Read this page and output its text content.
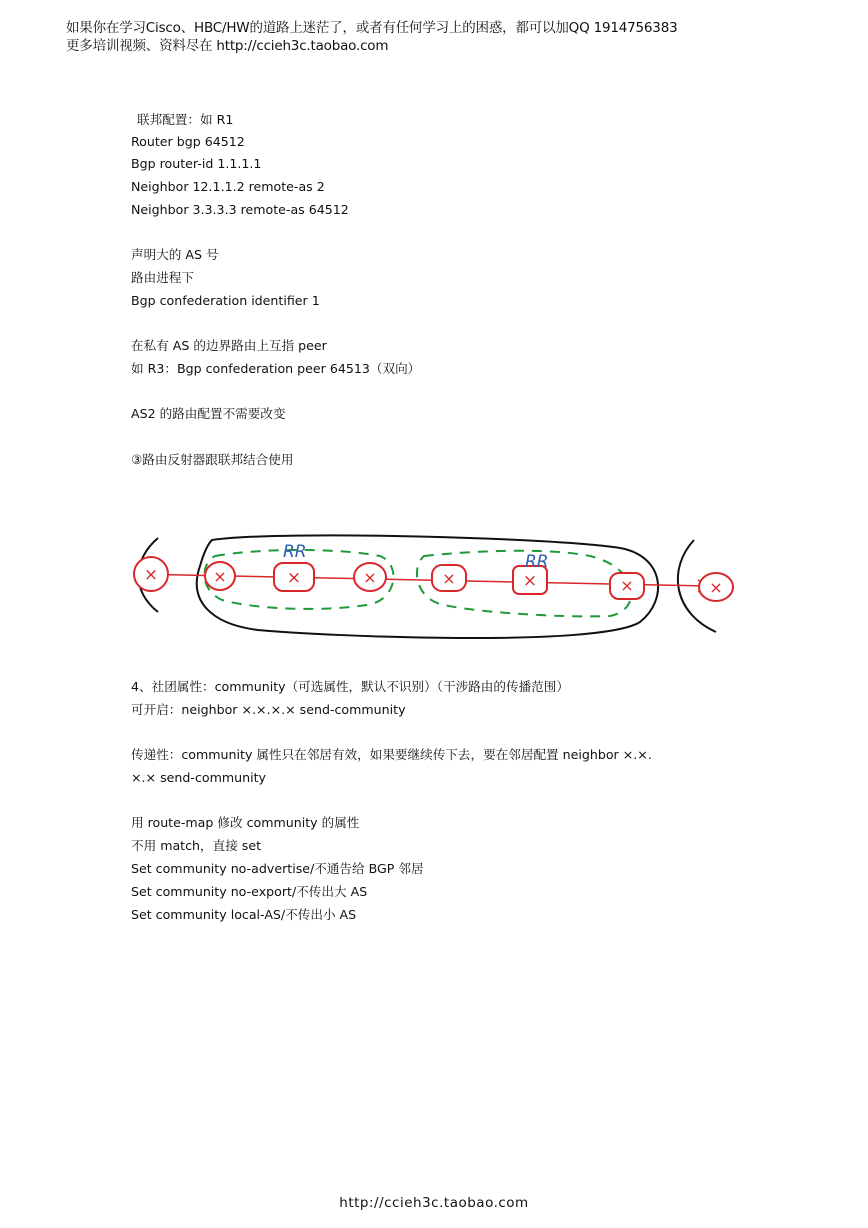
如果你在学习Cisco、HBC/HW的道路上迷茫了，或者有任何学习上的困惑，都可以加QQ 1914756383
更多培训视频、资料尽在 http://ccieh3c.taobao.com
联邦配置：如 R1
Router bgp 64512
Bgp router-id 1.1.1.1
Neighbor 12.1.1.2 remote-as 2
Neighbor 3.3.3.3 remote-as 64512
声明大的 AS 号
路由进程下
Bgp confederation identifier 1
在私有 AS 的边界路由上互指 peer
如 R3：Bgp confederation peer 64513（双向）
AS2 的路由配置不需要改变
③路由反射器跟联邦结合使用
4、社团属性：community（可选属性，默认不识别）（干涉路由的传播范围）
可开启：neighbor ×.×.×.× send-community
传递性：community 属性只在邻居有效，如果要继续传下去，要在邻居配置 neighbor ×.×.
×.× send-community
用 route-map 修改 community 的属性
不用 match，直接 set
Set community no-advertise/不通告给 BGP 邻居
Set community no-export/不传出大 AS
Set community local-AS/不传出小 AS
×	×	×	×	×	×	×	×
RR	RR
http://ccieh3c.taobao.com
